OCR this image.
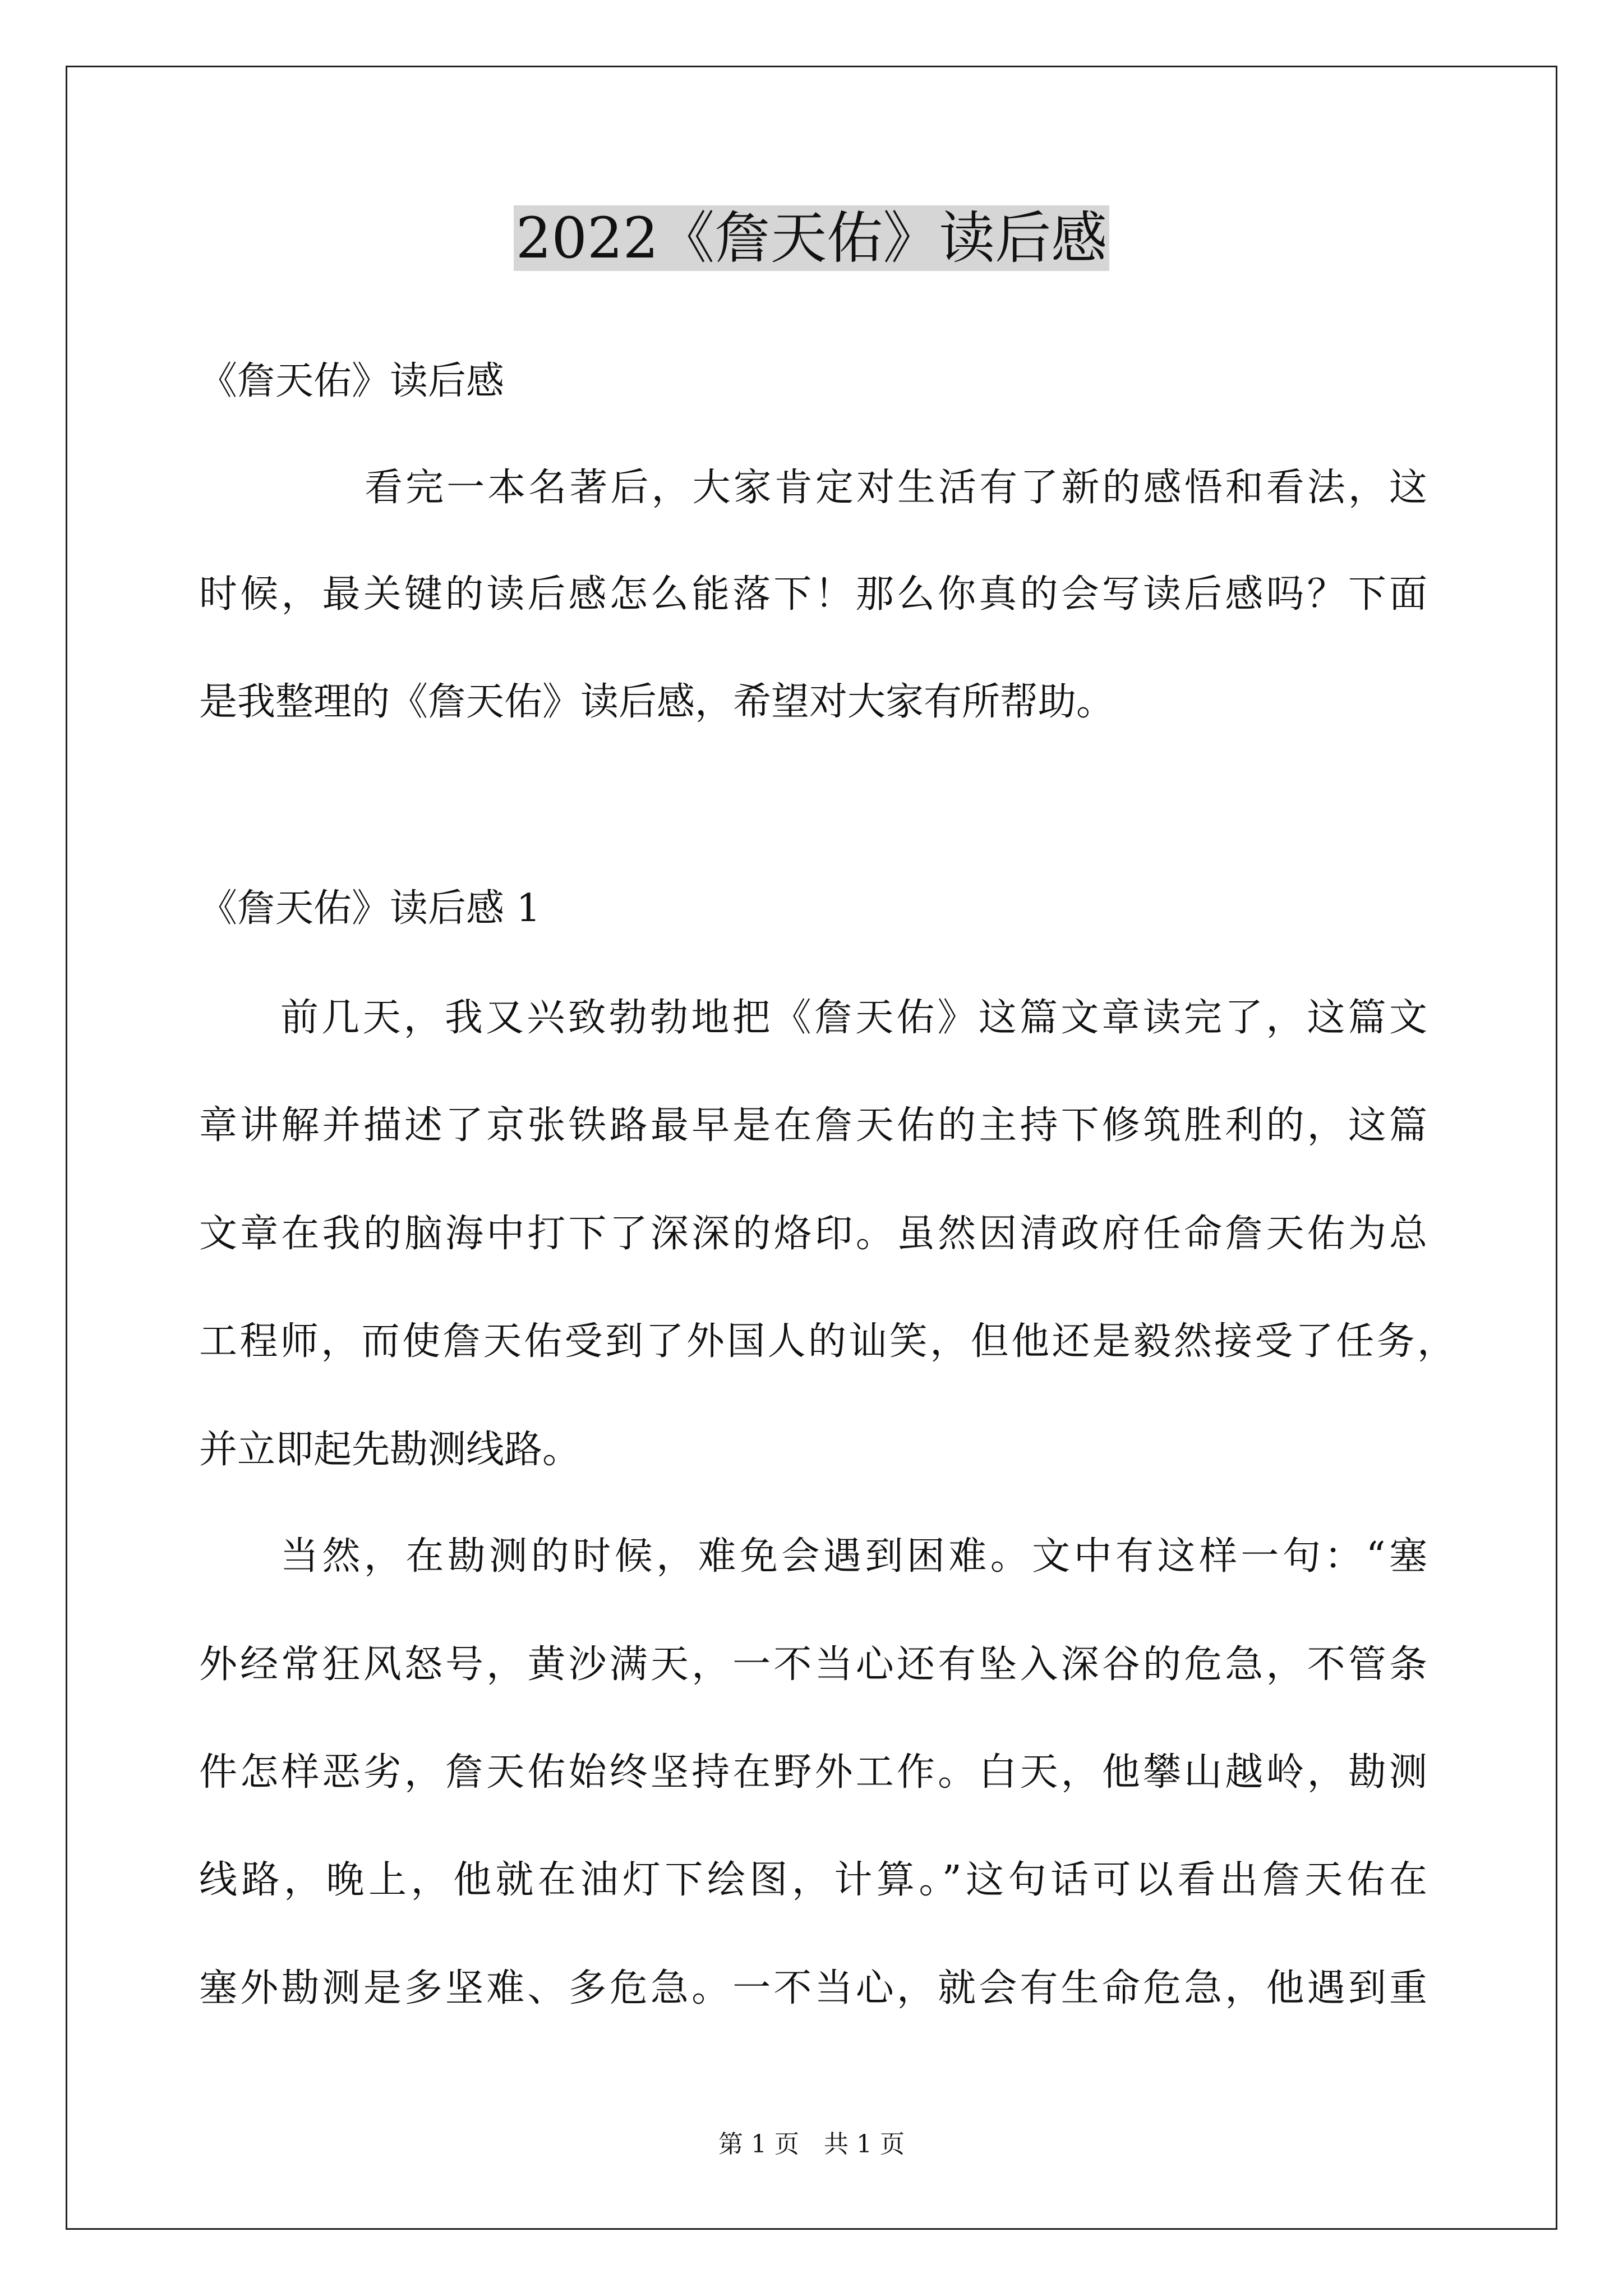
2022《詹天佑》读后感
《詹天佑》读后感
看完一本名著后，大家肯定对生活有了新的感悟和看法，这
时候，最关键的读后感怎么能落下！那么你真的会写读后感吗？下面
是我整理的《詹天佑》读后感，希望对大家有所帮助。
《詹天佑》读后感 1
前几天，我又兴致勃勃地把《詹天佑》这篇文章读完了，这篇文
章讲解并描述了京张铁路最早是在詹天佑的主持下修筑胜利的，这篇
文章在我的脑海中打下了深深的烙印。虽然因清政府任命詹天佑为总
工程师，而使詹天佑受到了外国人的讪笑，但他还是毅然接受了任务，
并立即起先勘测线路。
当然，在勘测的时候，难免会遇到困难。文中有这样一句：“塞
外经常狂风怒号，黄沙满天，一不当心还有坠入深谷的危急，不管条
件怎样恶劣，詹天佑始终坚持在野外工作。白天，他攀山越岭，勘测
线路，晚上，他就在油灯下绘图，计算。”这句话可以看出詹天佑在
塞外勘测是多坚难、多危急。一不当心，就会有生命危急，他遇到重
第 1 页　共 1 页
